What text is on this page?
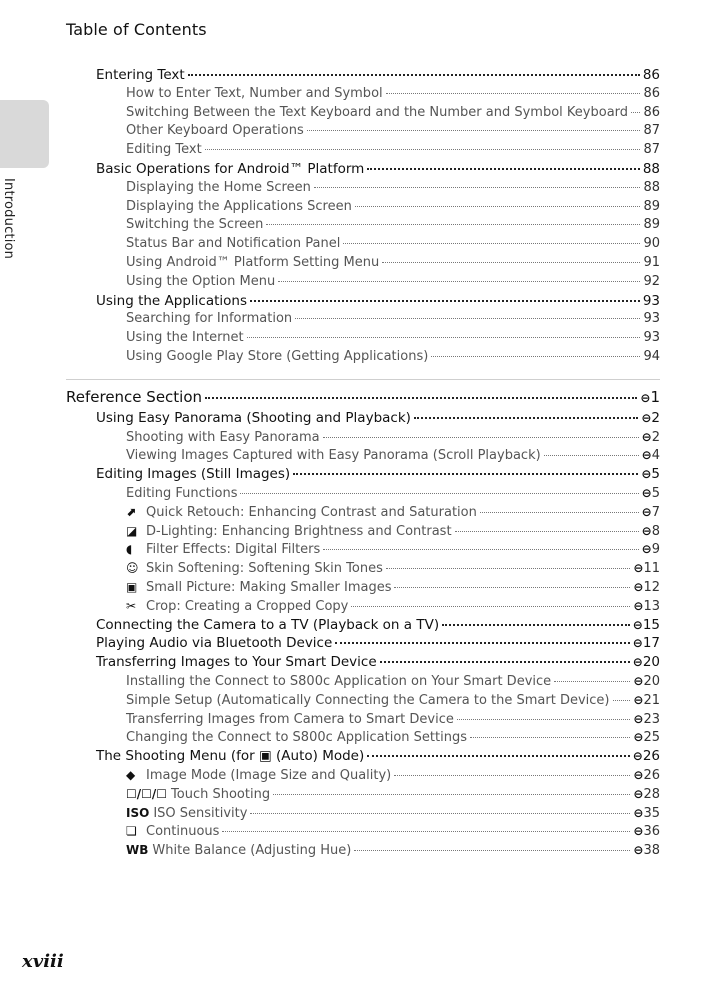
Table of Contents
Introduction
Entering Text	86
How to Enter Text, Number and Symbol	86
Switching Between the Text Keyboard and the Number and Symbol Keyboard 86
Other Keyboard Operations	87
Editing Text	87
Basic Operations for Android™ Platform	88
Displaying the Home Screen	88
Displaying the Applications Screen	89
Switching the Screen	89
Status Bar and Notification Panel	90
Using Android™ Platform Setting Menu	91
Using the Option Menu	92
Using the Applications	93
Searching for Information	93
Using the Internet	93
Using Google Play Store (Getting Applications)	94
Reference Section	⊖1
Using Easy Panorama (Shooting and Playback)	⊖2
Shooting with Easy Panorama	⊖2
Viewing Images Captured with Easy Panorama (Scroll Playback)	⊖4
Editing Images (Still Images)	⊖5
Editing Functions	⊖5
⬈ Quick Retouch: Enhancing Contrast and Saturation	⊖7
◪ D-Lighting: Enhancing Brightness and Contrast	⊖8
◖ Filter Effects: Digital Filters	⊖9
☺ Skin Softening: Softening Skin Tones	⊖11
▣ Small Picture: Making Smaller Images	⊖12
✂ Crop: Creating a Cropped Copy	⊖13
Connecting the Camera to a TV (Playback on a TV)	⊖15
Playing Audio via Bluetooth Device	⊖17
Transferring Images to Your Smart Device	⊖20
Installing the Connect to S800c Application on Your Smart Device	⊖20
Simple Setup (Automatically Connecting the Camera to the Smart Device) ⊖21
Transferring Images from Camera to Smart Device	⊖23
Changing the Connect to S800c Application Settings	⊖25
The Shooting Menu (for ▣ (Auto) Mode)	⊖26
◆ Image Mode (Image Size and Quality)	⊖26
☐/☐/☐ Touch Shooting	⊖28
ISO ISO Sensitivity	⊖35
❏ Continuous	⊖36
WB White Balance (Adjusting Hue)	⊖38
xviii
